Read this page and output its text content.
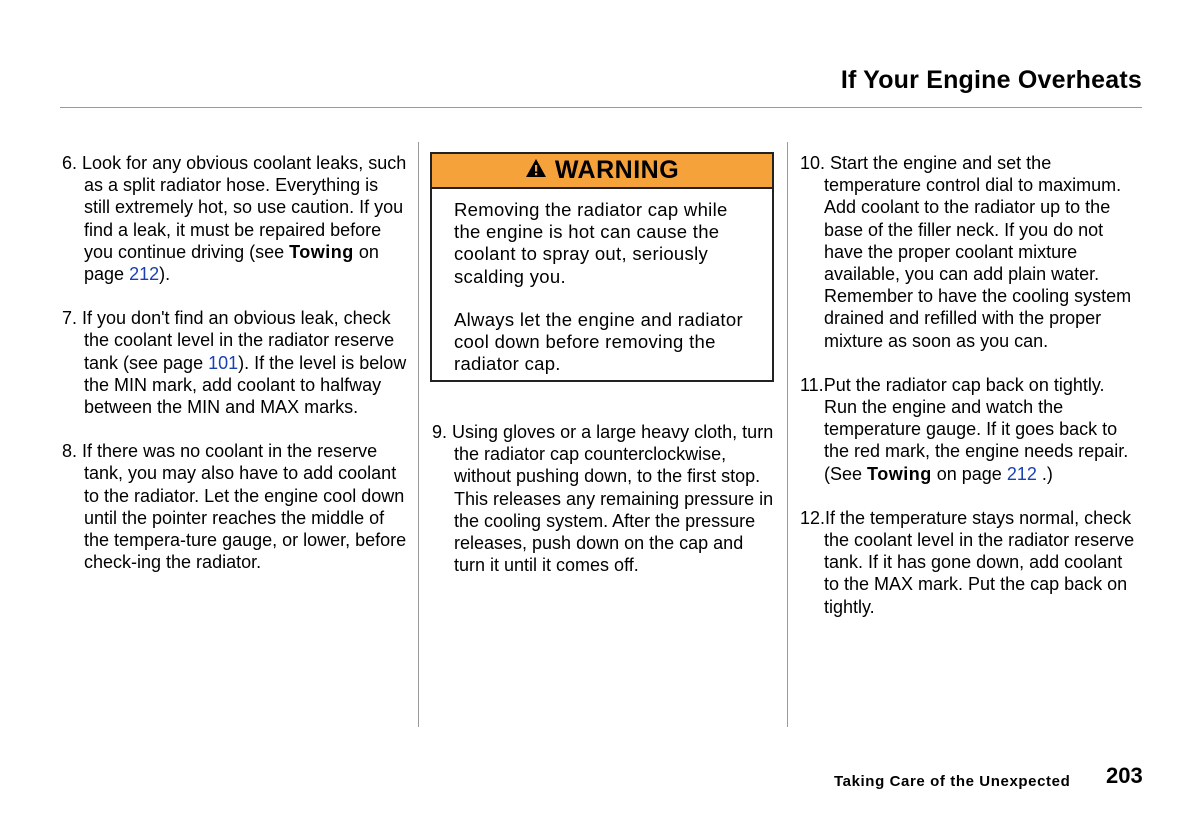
If Your Engine Overheats

6. Look for any obvious coolant leaks, such as a split radiator hose. Everything is still extremely hot, so use caution. If you find a leak, it must be repaired before you continue driving (see Towing on page 212).

7. If you don't find an obvious leak, check the coolant level in the radiator reserve tank (see page 101). If the level is below the MIN mark, add coolant to halfway between the MIN and MAX marks.

8. If there was no coolant in the reserve tank, you may also have to add coolant to the radiator. Let the engine cool down until the pointer reaches the middle of the tempera-ture gauge, or lower, before check-ing the radiator.

WARNING

Removing the radiator cap while the engine is hot can cause the coolant to spray out, seriously scalding you.

Always let the engine and radiator cool down before removing the radiator cap.

9. Using gloves or a large heavy cloth, turn the radiator cap counterclockwise, without pushing down, to the first stop. This releases any remaining pressure in the cooling system. After the pressure releases, push down on the cap and turn it until it comes off.

10. Start the engine and set the temperature control dial to maximum. Add coolant to the radiator up to the base of the filler neck. If you do not have the proper coolant mixture available, you can add plain water. Remember to have the cooling system drained and refilled with the proper mixture as soon as you can.

11.Put the radiator cap back on tightly. Run the engine and watch the temperature gauge. If it goes back to the red mark, the engine needs repair. (See Towing on page 212 .)

12.If the temperature stays normal, check the coolant level in the radiator reserve tank. If it has gone down, add coolant to the MAX mark. Put the cap back on tightly.

Taking Care of the Unexpected 203
